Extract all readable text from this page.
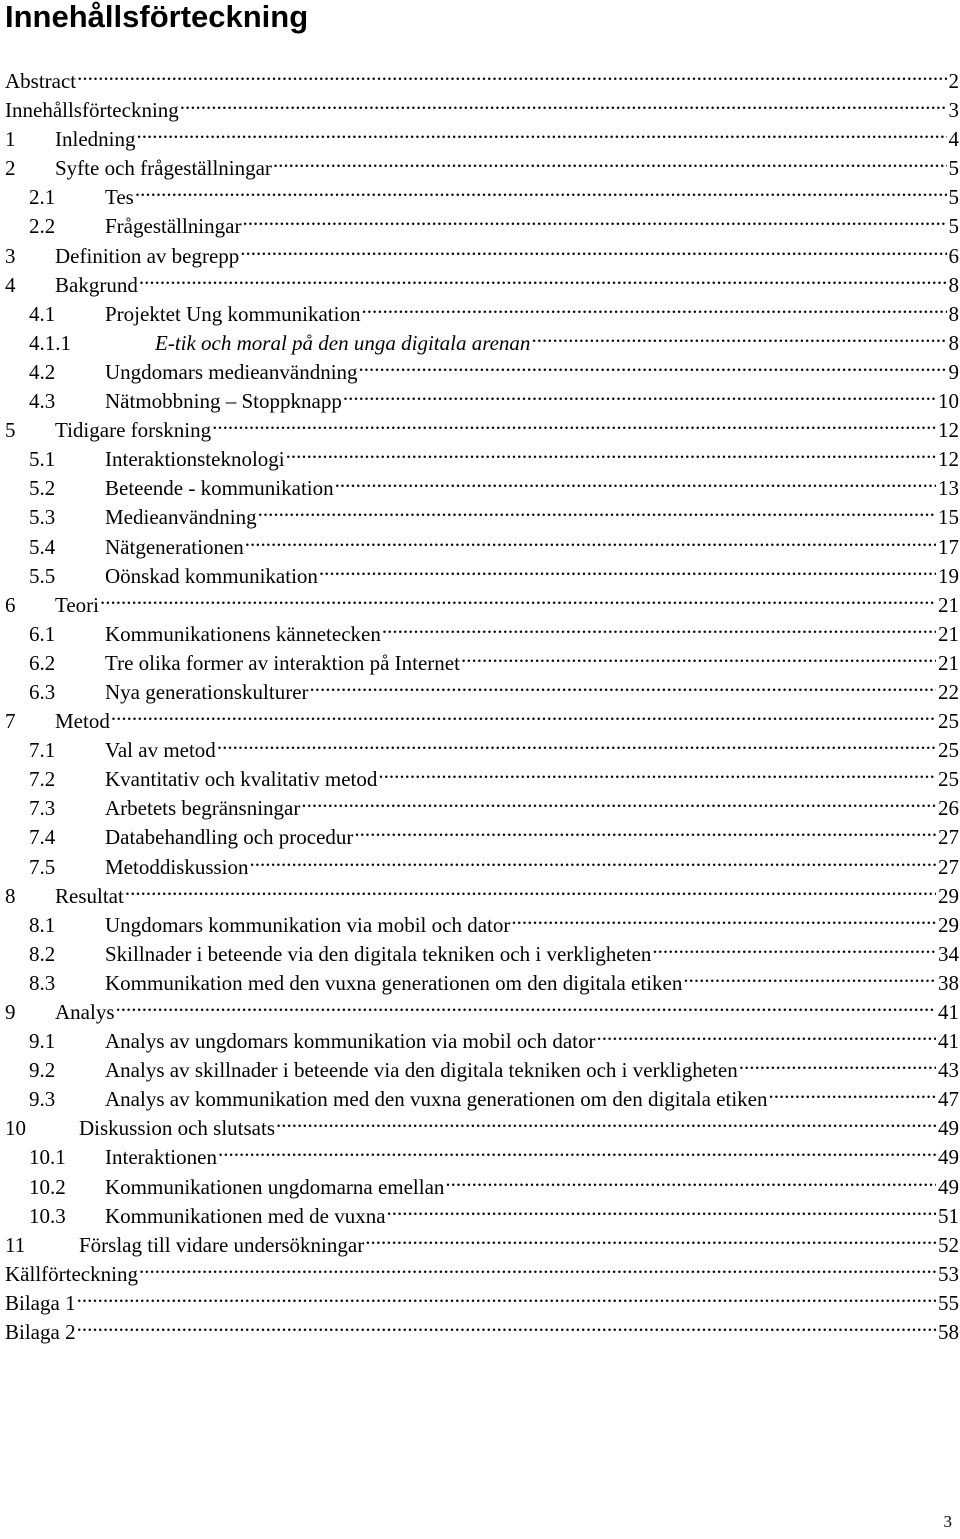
Innehållsförteckning
Abstract .....	2
Innehållsförteckning .....	3
1	Inledning .....	4
2	Syfte och frågeställningar .....	5
2.1	Tes .....	5
2.2	Frågeställningar .....	5
3	Definition av begrepp .....	6
4	Bakgrund .....	8
4.1	Projektet Ung kommunikation .....	8
4.1.1	E-tik och moral på den unga digitala arenan .....	8
4.2	Ungdomars medieanvändning .....	9
4.3	Nätmobbning – Stoppknapp .....	10
5	Tidigare forskning .....	12
5.1	Interaktionsteknologi .....	12
5.2	Beteende - kommunikation .....	13
5.3	Medieanvändning .....	15
5.4	Nätgenerationen .....	17
5.5	Oönskad kommunikation .....	19
6	Teori .....	21
6.1	Kommunikationens kännetecken .....	21
6.2	Tre olika former av interaktion på Internet .....	21
6.3	Nya generationskulturer .....	22
7	Metod .....	25
7.1	Val av metod .....	25
7.2	Kvantitativ och kvalitativ metod .....	25
7.3	Arbetets begränsningar .....	26
7.4	Databehandling och procedur .....	27
7.5	Metoddiskussion .....	27
8	Resultat .....	29
8.1	Ungdomars kommunikation via mobil och dator .....	29
8.2	Skillnader i beteende via den digitala tekniken och i verkligheten .....	34
8.3	Kommunikation med den vuxna generationen om den digitala etiken .....	38
9	Analys .....	41
9.1	Analys av ungdomars kommunikation via mobil och dator .....	41
9.2	Analys av skillnader i beteende via den digitala tekniken och i verkligheten .....	43
9.3	Analys av kommunikation med den vuxna generationen om den digitala etiken .....	47
10	Diskussion och slutsats .....	49
10.1	Interaktionen .....	49
10.2	Kommunikationen ungdomarna emellan .....	49
10.3	Kommunikationen med de vuxna .....	51
11	Förslag till vidare undersökningar .....	52
Källförteckning .....	53
Bilaga 1 .....	55
Bilaga 2 .....	58
3
